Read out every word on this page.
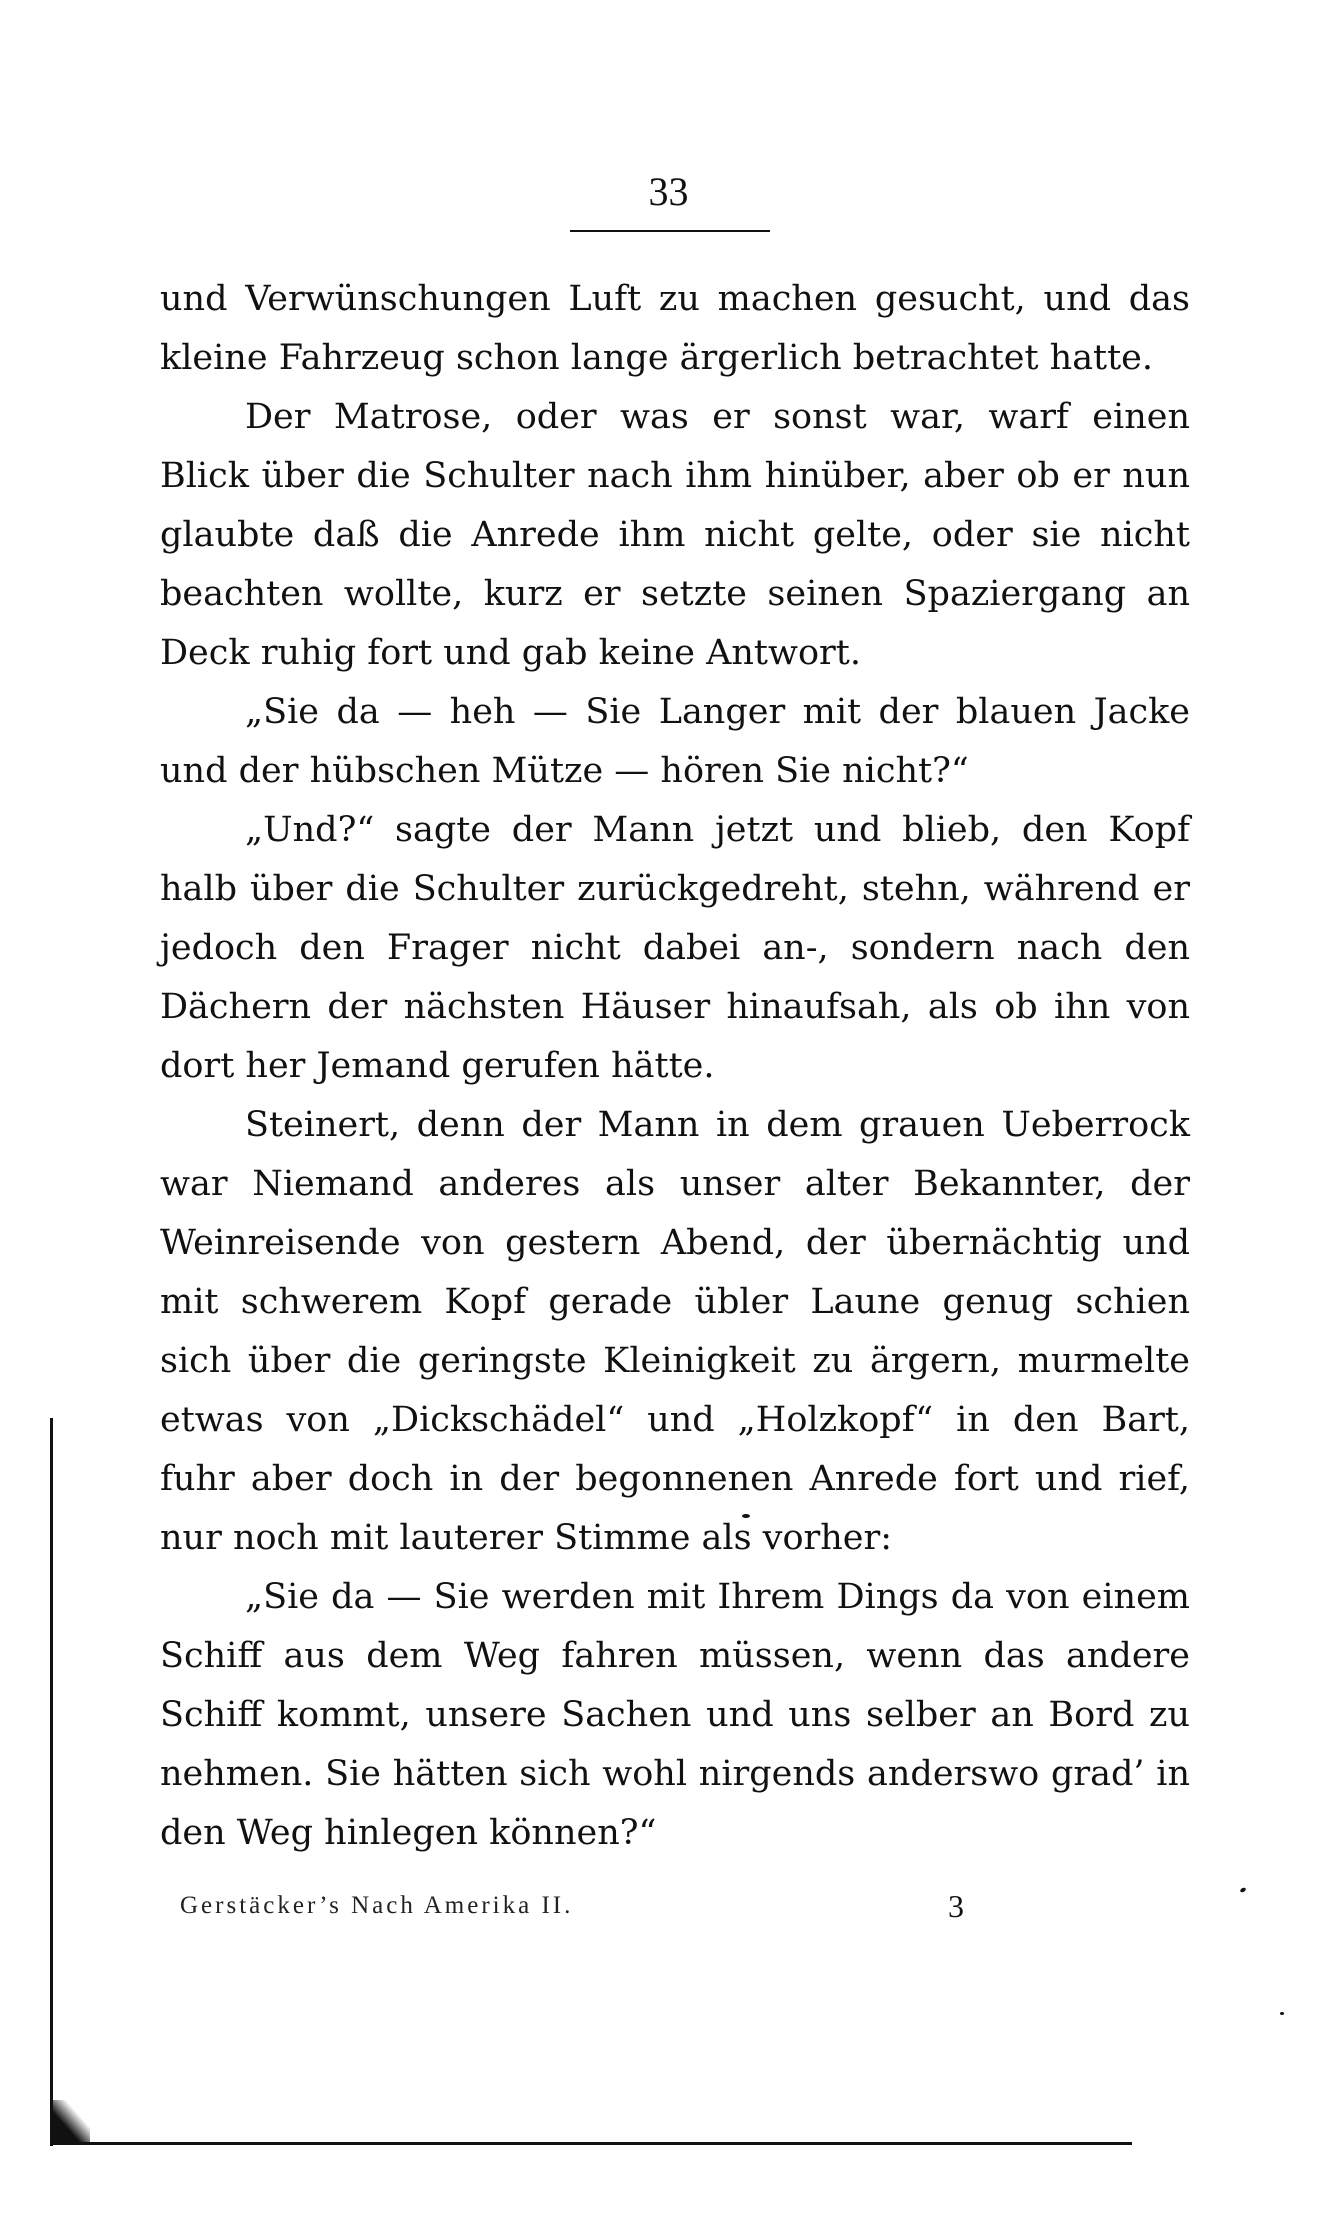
33

und Verwünschungen Luft zu machen gesucht, und das kleine Fahrzeug schon lange ärgerlich betrachtet hatte.

Der Matrose, oder was er sonst war, warf einen Blick über die Schulter nach ihm hinüber, aber ob er nun glaubte daß die Anrede ihm nicht gelte, oder sie nicht beachten wollte, kurz er setzte seinen Spaziergang an Deck ruhig fort und gab keine Antwort.

„Sie da — heh — Sie Langer mit der blauen Jacke und der hübschen Mütze — hören Sie nicht?“

„Und?“ sagte der Mann jetzt und blieb, den Kopf halb über die Schulter zurückgedreht, stehn, während er jedoch den Frager nicht dabei an-, sondern nach den Dächern der nächsten Häuser hinaufsah, als ob ihn von dort her Jemand gerufen hätte.

Steinert, denn der Mann in dem grauen Ueberrock war Niemand anderes als unser alter Bekannter, der Weinreisende von gestern Abend, der übernächtig und mit schwerem Kopf gerade übler Laune genug schien sich über die geringste Kleinigkeit zu ärgern, murmelte etwas von „Dickschädel“ und „Holzkopf“ in den Bart, fuhr aber doch in der begonnenen Anrede fort und rief, nur noch mit lauterer Stimme als vorher:

„Sie da — Sie werden mit Ihrem Dings da von einem Schiff aus dem Weg fahren müssen, wenn das andere Schiff kommt, unsere Sachen und uns selber an Bord zu nehmen. Sie hätten sich wohl nirgends anderswo grad’ in den Weg hinlegen können?“

Gerstäcker’s Nach Amerika II.	3
